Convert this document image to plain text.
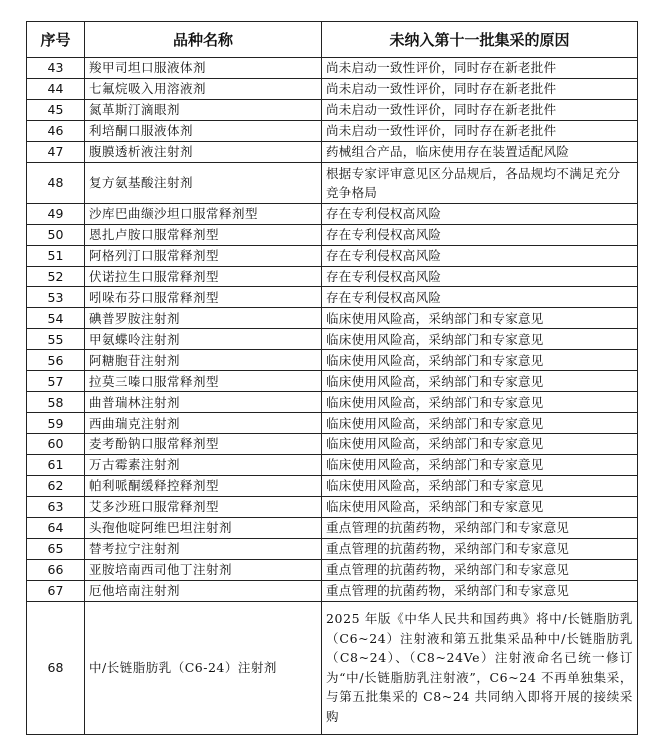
序号	品种名称	未纳入第十一批集采的原因
43	羧甲司坦口服液体剂	尚未启动一致性评价，同时存在新老批件
44	七氟烷吸入用溶液剂	尚未启动一致性评价，同时存在新老批件
45	氮革斯汀滴眼剂	尚未启动一致性评价，同时存在新老批件
46	利培酮口服液体剂	尚未启动一致性评价，同时存在新老批件
47	腹膜透析液注射剂	药械组合产品，临床使用存在装置适配风险
48	复方氨基酸注射剂	根据专家评审意见区分品规后，各品规均不满足充分竞争格局
49	沙库巴曲缬沙坦口服常释剂型	存在专利侵权高风险
50	恩扎卢胺口服常释剂型	存在专利侵权高风险
51	阿格列汀口服常释剂型	存在专利侵权高风险
52	伏诺拉生口服常释剂型	存在专利侵权高风险
53	吲哚布芬口服常释剂型	存在专利侵权高风险
54	碘普罗胺注射剂	临床使用风险高，采纳部门和专家意见
55	甲氨蝶呤注射剂	临床使用风险高，采纳部门和专家意见
56	阿糖胞苷注射剂	临床使用风险高，采纳部门和专家意见
57	拉莫三嗪口服常释剂型	临床使用风险高，采纳部门和专家意见
58	曲普瑞林注射剂	临床使用风险高，采纳部门和专家意见
59	西曲瑞克注射剂	临床使用风险高，采纳部门和专家意见
60	麦考酚钠口服常释剂型	临床使用风险高，采纳部门和专家意见
61	万古霉素注射剂	临床使用风险高，采纳部门和专家意见
62	帕利哌酮缓释控释剂型	临床使用风险高，采纳部门和专家意见
63	艾多沙班口服常释剂型	临床使用风险高，采纳部门和专家意见
64	头孢他啶阿维巴坦注射剂	重点管理的抗菌药物，采纳部门和专家意见
65	替考拉宁注射剂	重点管理的抗菌药物，采纳部门和专家意见
66	亚胺培南西司他丁注射剂	重点管理的抗菌药物，采纳部门和专家意见
67	厄他培南注射剂	重点管理的抗菌药物，采纳部门和专家意见
68	中/长链脂肪乳（C6-24）注射剂	2025 年版《中华人民共和国药典》将中/长链脂肪乳（C6~24）注射液和第五批集采品种中/长链脂肪乳（C8~24）、（C8~24Ve）注射液命名已统一修订为“中/长链脂肪乳注射液”，C6~24 不再单独集采，与第五批集采的 C8~24 共同纳入即将开展的接续采购
